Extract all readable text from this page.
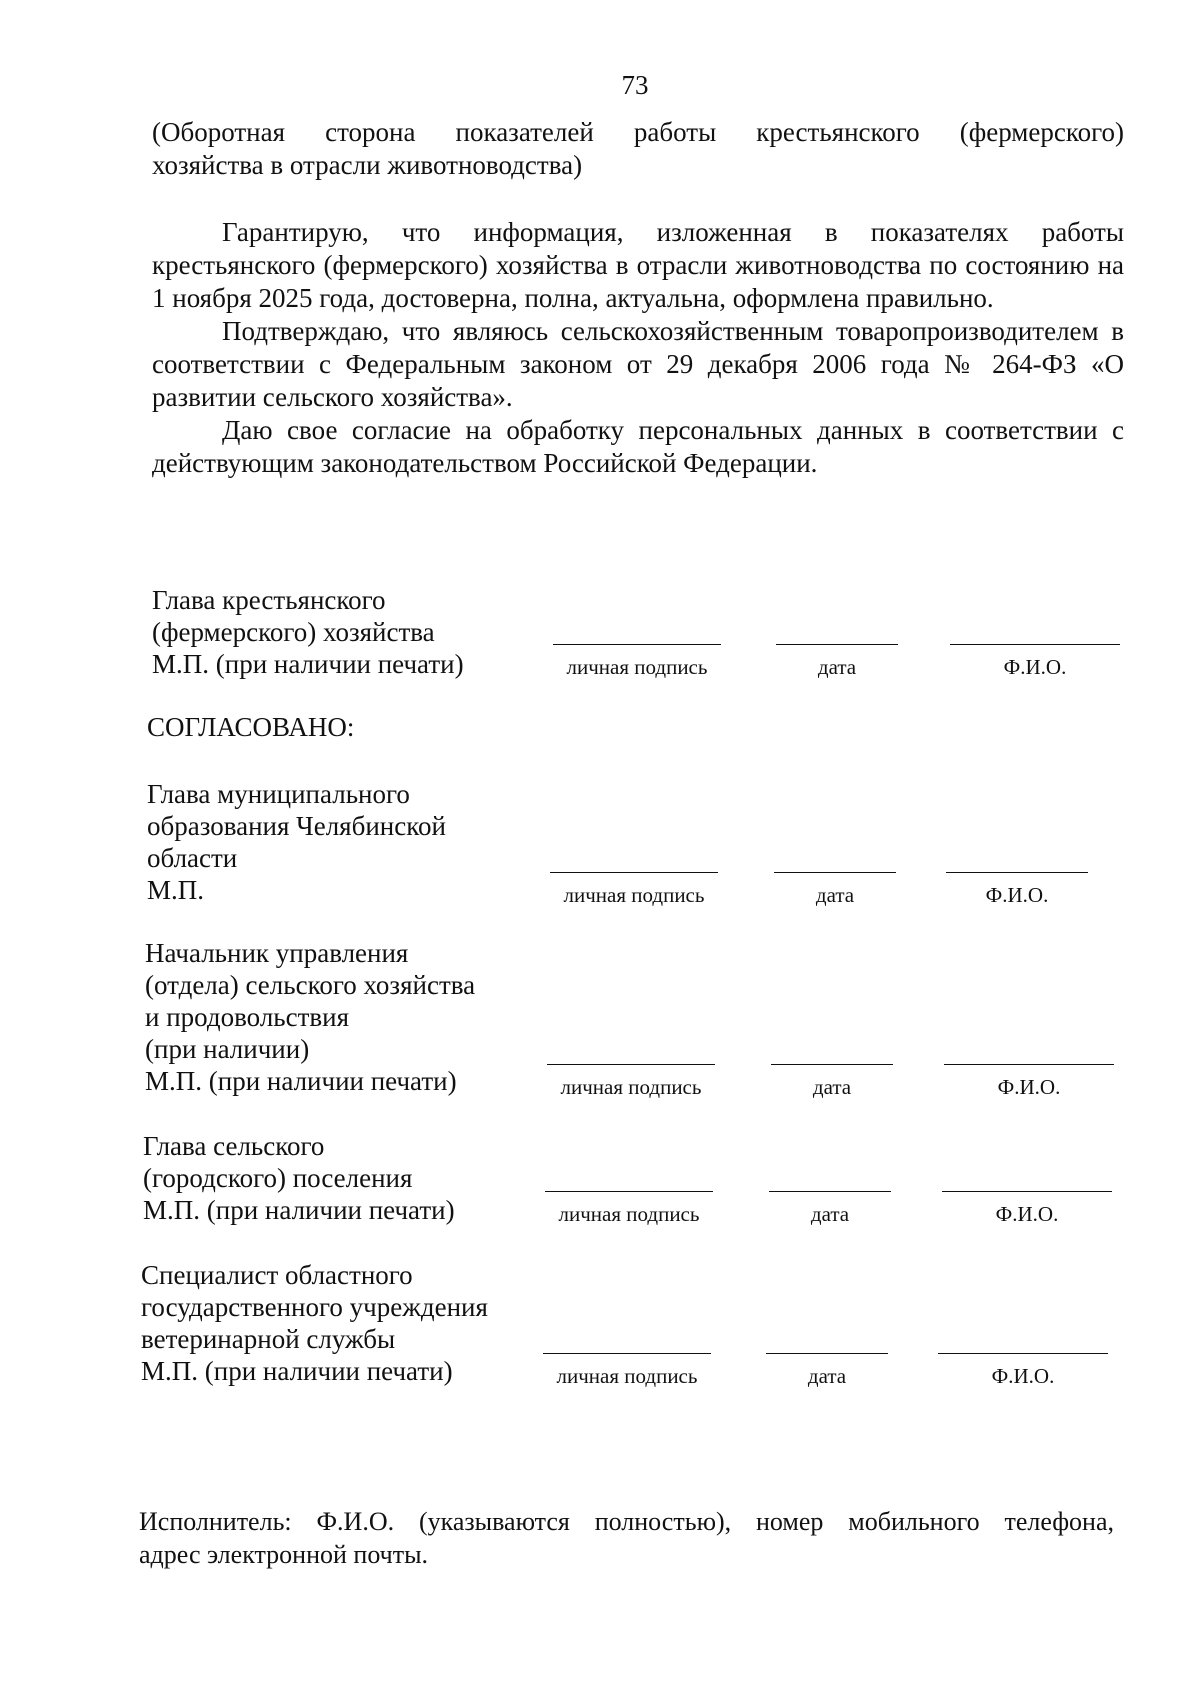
73
(Оборотная сторона показателей работы крестьянского (фермерского)
хозяйства в отрасли животноводства)

Гарантирую, что информация, изложенная в показателях работы крестьянского (фермерского) хозяйства в отрасли животноводства по состоянию на 1 ноября 2025 года, достоверна, полна, актуальна, оформлена правильно.

Подтверждаю, что являюсь сельскохозяйственным товаропроизводителем в соответствии с Федеральным законом от 29 декабря 2006 года № 264-ФЗ «О развитии сельского хозяйства».

Даю свое согласие на обработку персональных данных в соответствии с действующим законодательством Российской Федерации.

Глава крестьянского
(фермерского) хозяйства
М.П. (при наличии печати)	личная подпись	дата	Ф.И.О.
СОГЛАСОВАНО:
Глава муниципального
образования Челябинской
области
М.П.	личная подпись	дата	Ф.И.О.
Начальник управления
(отдела) сельского хозяйства
и продовольствия
(при наличии)
М.П. (при наличии печати)	личная подпись	дата	Ф.И.О.
Глава сельского
(городского) поселения
М.П. (при наличии печати)	личная подпись	дата	Ф.И.О.
Специалист областного
государственного учреждения
ветеринарной службы
М.П. (при наличии печати)	личная подпись	дата	Ф.И.О.
Исполнитель: Ф.И.О. (указываются полностью), номер мобильного телефона,
адрес электронной почты.
